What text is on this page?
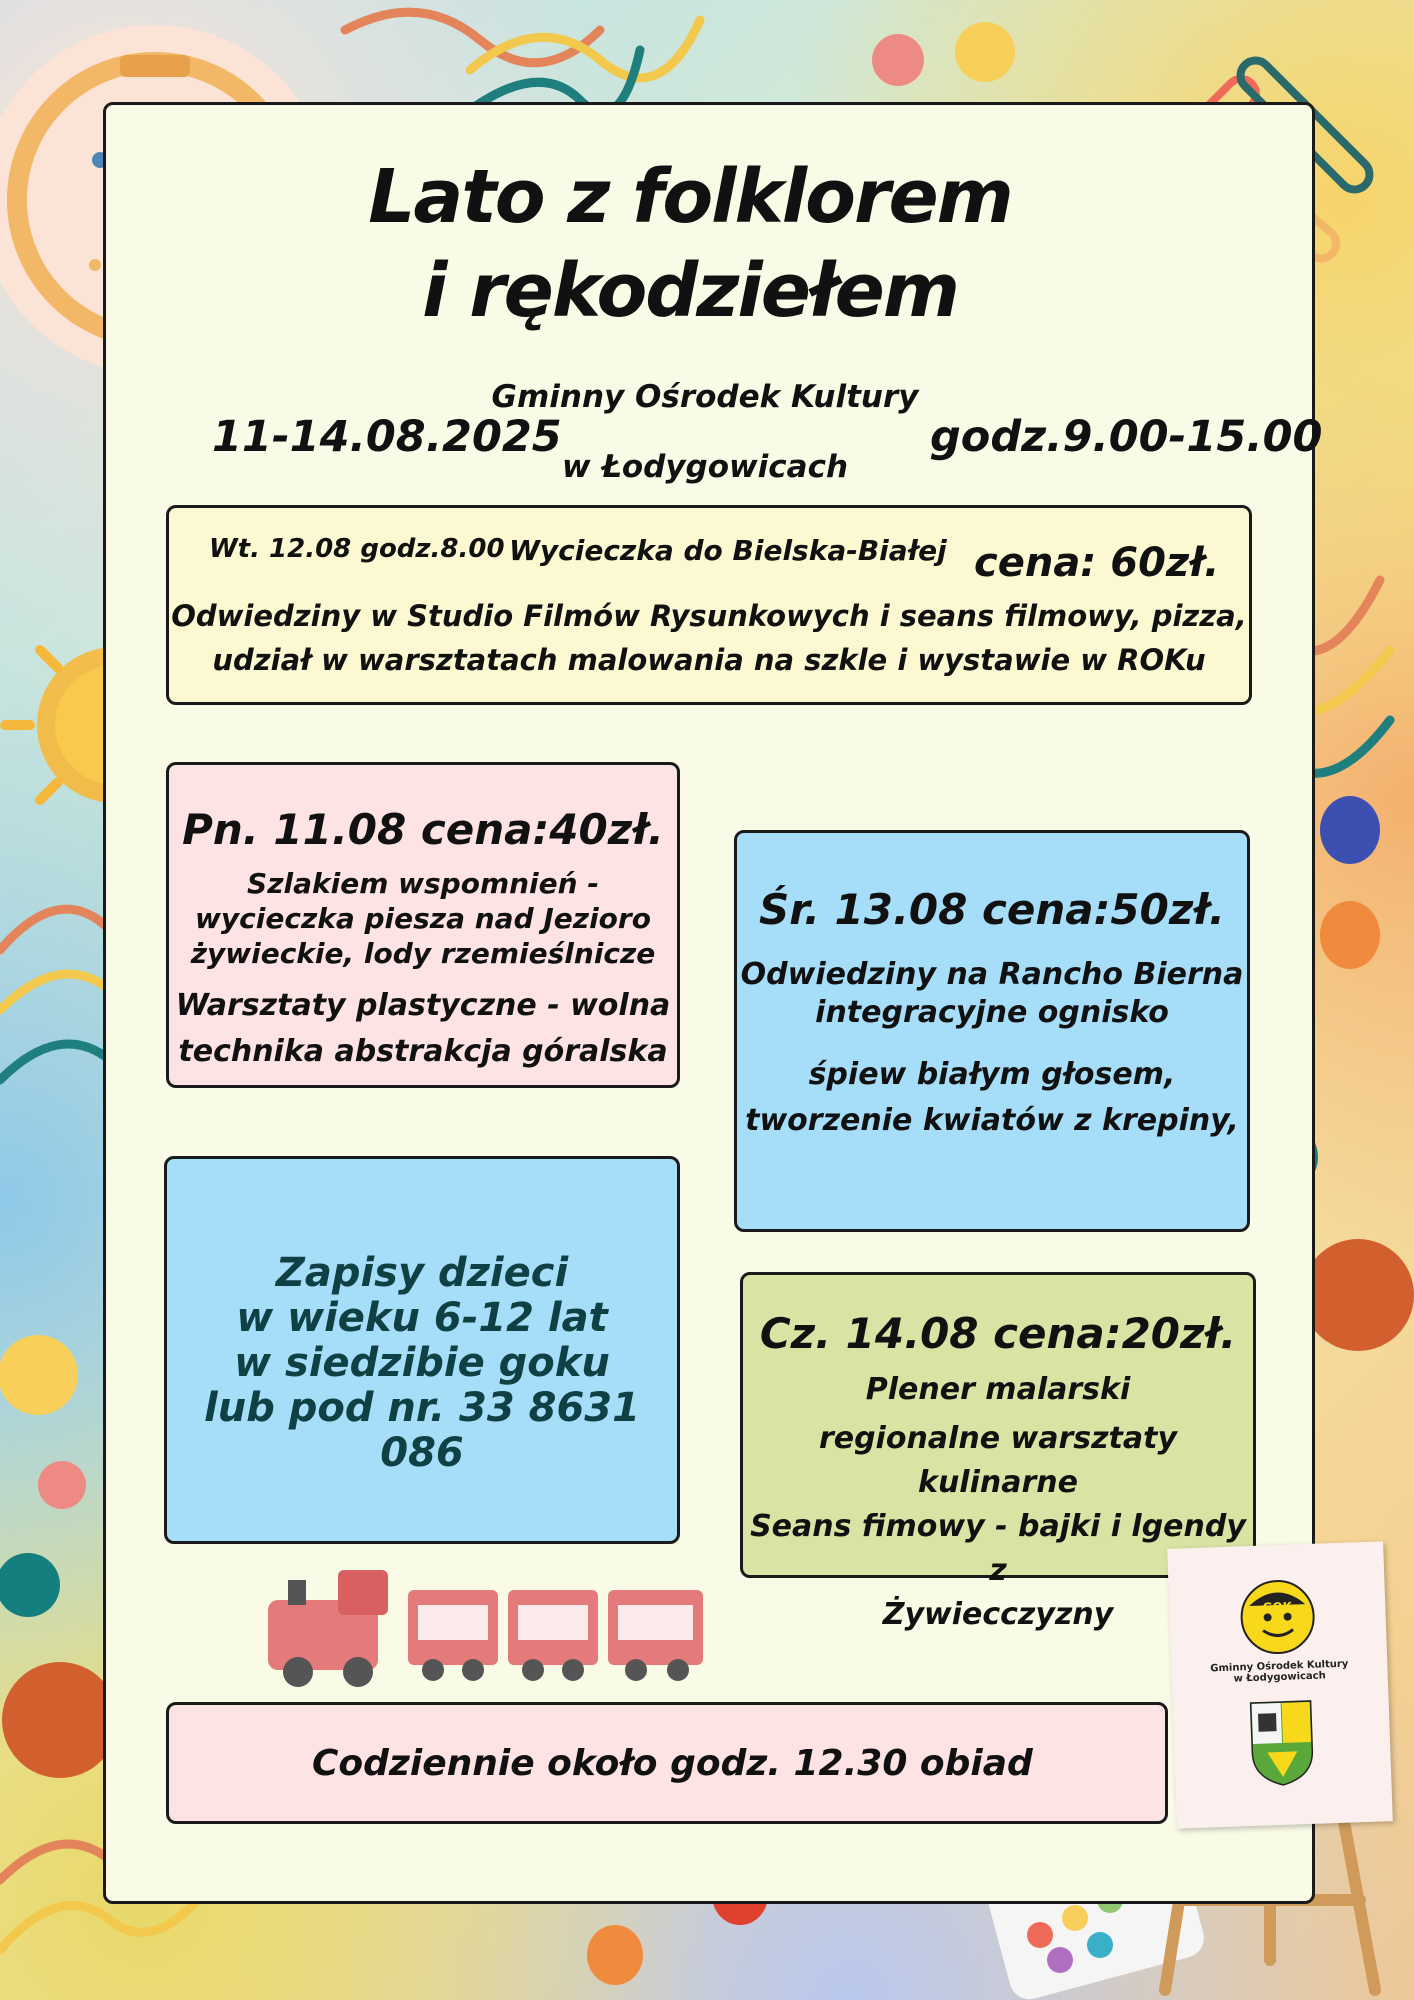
Lato z folklorem
i rękodziełem
Gminny Ośrodek Kultury
w Łodygowicach
11-14.08.2025	godz.9.00-15.00
Wt. 12.08 godz.8.00 Wycieczka do Bielska-Białej cena: 60zł.
Odwiedziny w Studio Filmów Rysunkowych i seans filmowy, pizza,
udział w warsztatach malowania na szkle i wystawie w ROKu
Pn. 11.08 cena:40zł.
Szlakiem wspomnień -
wycieczka piesza nad Jezioro
żywieckie, lody rzemieślnicze
Warsztaty plastyczne - wolna
technika abstrakcja góralska
Śr. 13.08 cena:50zł.
Odwiedziny na Rancho Bierna
integracyjne ognisko
śpiew białym głosem,
tworzenie kwiatów z krepiny,
Zapisy dzieci
w wieku 6-12 lat
w siedzibie goku
lub pod nr. 33 8631 086
Cz. 14.08 cena:20zł.
Plener malarski
regionalne warsztaty kulinarne
Seans fimowy - bajki i lgendy z
Żywiecczyzny
Codziennie około godz. 12.30 obiad
GOK
Gminny Ośrodek Kultury
w Łodygowicach
